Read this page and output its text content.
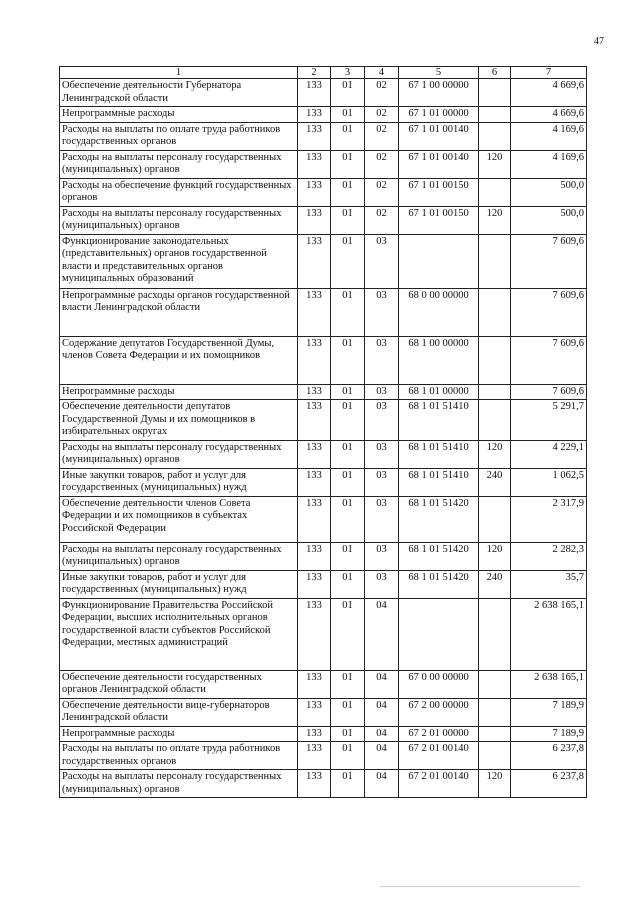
47
1	2	3	4	5	6	7
Обеспечение деятельности Губернатора Ленинградской области	133	01	02	67 1 00 00000		4 669,6
Непрограммные расходы	133	01	02	67 1 01 00000		4 669,6
Расходы на выплаты по оплате труда работников государственных органов	133	01	02	67 1 01 00140		4 169,6
Расходы на выплаты персоналу государственных (муниципальных) органов	133	01	02	67 1 01 00140	120	4 169,6
Расходы на обеспечение функций государственных органов	133	01	02	67 1 01 00150		500,0
Расходы на выплаты персоналу государственных (муниципальных) органов	133	01	02	67 1 01 00150	120	500,0
Функционирование законодательных (представительных) органов государственной власти и представительных органов муниципальных образований	133	01	03			7 609,6
Непрограммные расходы органов государственной власти Ленинградской области	133	01	03	68 0 00 00000		7 609,6
Содержание депутатов Государственной Думы, членов Совета Федерации и их помощников	133	01	03	68 1 00 00000		7 609,6
Непрограммные расходы	133	01	03	68 1 01 00000		7 609,6
Обеспечение деятельности депутатов Государственной Думы и их помощников в избирательных округах	133	01	03	68 1 01 51410		5 291,7
Расходы на выплаты персоналу государственных (муниципальных) органов	133	01	03	68 1 01 51410	120	4 229,1
Иные закупки товаров, работ и услуг для государственных (муниципальных) нужд	133	01	03	68 1 01 51410	240	1 062,5
Обеспечение деятельности членов Совета Федерации и их помощников в субъектах Российской Федерации	133	01	03	68 1 01 51420		2 317,9
Расходы на выплаты персоналу государственных (муниципальных) органов	133	01	03	68 1 01 51420	120	2 282,3
Иные закупки товаров, работ и услуг для государственных (муниципальных) нужд	133	01	03	68 1 01 51420	240	35,7
Функционирование Правительства Российской Федерации, высших исполнительных органов государственной власти субъектов Российской Федерации, местных администраций	133	01	04			2 638 165,1
Обеспечение деятельности государственных органов Ленинградской области	133	01	04	67 0 00 00000		2 638 165,1
Обеспечение деятельности вице-губернаторов Ленинградской области	133	01	04	67 2 00 00000		7 189,9
Непрограммные расходы	133	01	04	67 2 01 00000		7 189,9
Расходы на выплаты по оплате труда работников государственных органов	133	01	04	67 2 01 00140		6 237,8
Расходы на выплаты персоналу государственных (муниципальных) органов	133	01	04	67 2 01 00140	120	6 237,8
